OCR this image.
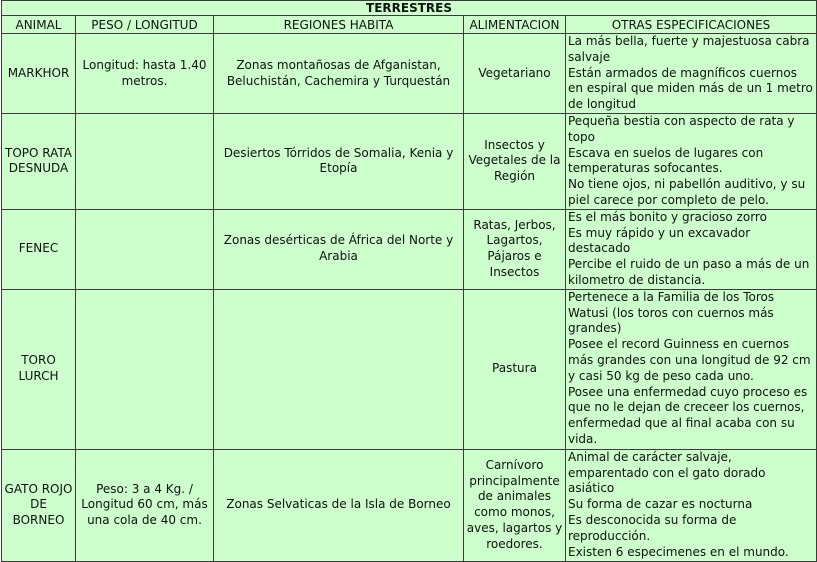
TERRESTRES				
ANIMAL	PESO / LONGITUD	REGIONES HABITA	ALIMENTACION	OTRAS ESPECIFICACIONES
MARKHOR	Longitud: hasta 1.40 metros.	Zonas montañosas de Afganistan, Beluchistán, Cachemira y Turquestán	Vegetariano	La más bella, fuerte y majestuosa cabra salvaje

Están armados de magníficos cuernos en espiral que miden más de un 1 metro de longitud

TOPO RATA DESNUDA		Desiertos Tórridos de Somalia, Kenia y Etopía	Insectos y Vegetales de la Región	Pequeña bestia con aspecto de rata y topo

Escava en suelos de lugares con temperaturas sofocantes.

No tiene ojos, ni pabellón auditivo, y su piel carece por completo de pelo.

FENEC		Zonas desérticas de África del Norte y Arabia	Ratas, Jerbos, Lagartos, Pájaros e Insectos	Es el más bonito y gracioso zorro

Es muy rápido y un excavador destacado

Percibe el ruido de un paso a más de un kilometro de distancia.

TORO LURCH			Pastura	Pertenece a la Familia de los Toros Watusi (los toros con cuernos más grandes)

Posee el record Guinness en cuernos más grandes con una longitud de 92 cm y casi 50 kg de peso cada uno.

Posee una enfermedad cuyo proceso es que no le dejan de creceer los cuernos, enfermedad que al final acaba con su vida.

GATO ROJO DE BORNEO	Peso: 3 a 4 Kg. / Longitud 60 cm, más una cola de 40 cm.	Zonas Selvaticas de la Isla de Borneo	Carnívoro principalmente de animales como monos, aves, lagartos y roedores.	Animal de carácter salvaje, emparentado con el gato dorado asiático

Su forma de cazar es nocturna

Es desconocida su forma de reproducción.

Existen 6 especimenes en el mundo.
